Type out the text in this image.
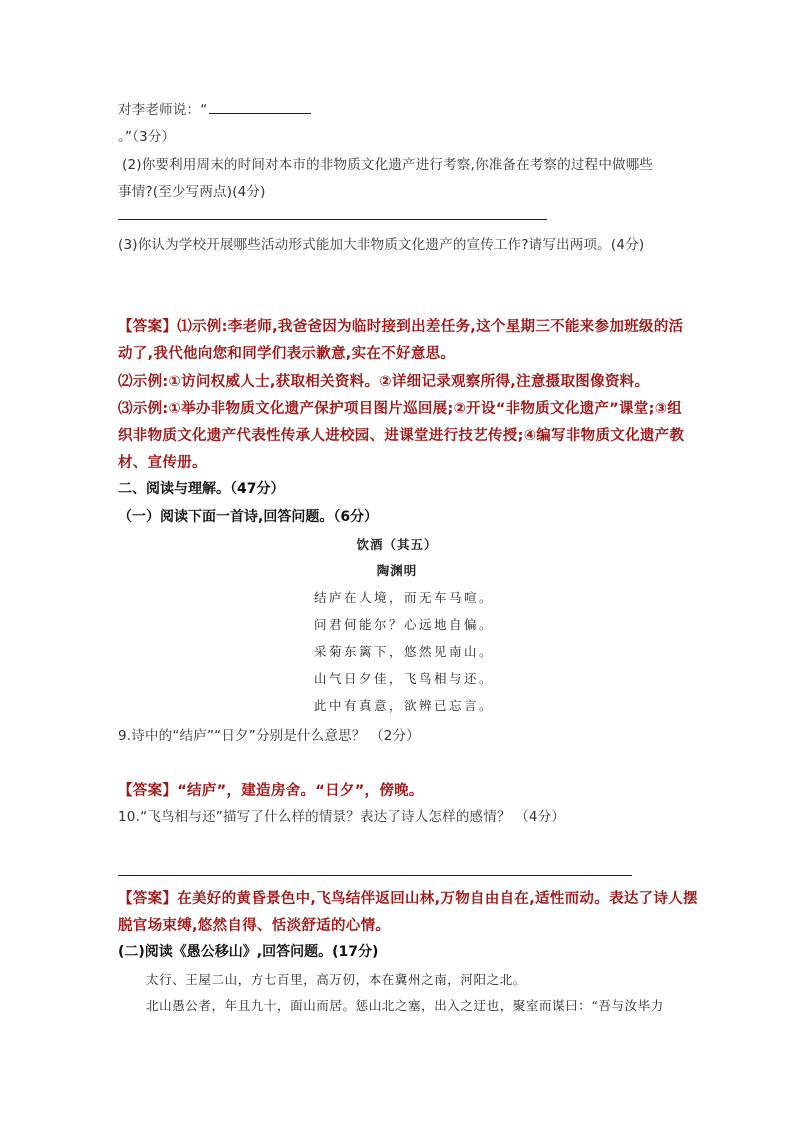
对李老师说：“
。”（3分）
(2)你要利用周末的时间对本市的非物质文化遗产进行考察,你准备在考察的过程中做哪些
事情?(至少写两点)(4分)
(3)你认为学校开展哪些活动形式能加大非物质文化遗产的宣传工作?请写出两项。(4分)
【答案】⑴示例:李老师,我爸爸因为临时接到出差任务,这个星期三不能来参加班级的活
动了,我代他向您和同学们表示歉意,实在不好意思。
⑵示例:①访问权威人士,获取相关资料。②详细记录观察所得,注意摄取图像资料。
⑶示例:①举办非物质文化遗产保护项目图片巡回展;②开设“非物质文化遗产”课堂;③组
织非物质文化遗产代表性传承人进校园、进课堂进行技艺传授;④编写非物质文化遗产教
材、宣传册。
二、阅读与理解。（47分）
（一）阅读下面一首诗,回答问题。（6分）
饮酒（其五）
陶渊明
结庐在人境，而无车马喧。
问君何能尔？心远地自偏。
采菊东篱下，悠然见南山。
山气日夕佳，飞鸟相与还。
此中有真意，欲辨已忘言。
9.诗中的“结庐”“日夕”分别是什么意思？ （2分）
【答案】“结庐”，建造房舍。“日夕”，傍晚。
10.“飞鸟相与还”描写了什么样的情景？表达了诗人怎样的感情？ （4分）
【答案】在美好的黄昏景色中,飞鸟结伴返回山林,万物自由自在,适性而动。表达了诗人摆
脱官场束缚,悠然自得、恬淡舒适的心情。
(二)阅读《愚公移山》,回答问题。(17分)
太行、王屋二山，方七百里，高万仞，本在冀州之南，河阳之北。
北山愚公者，年且九十，面山而居。惩山北之塞，出入之迂也，聚室而谋曰：“吾与汝毕力
